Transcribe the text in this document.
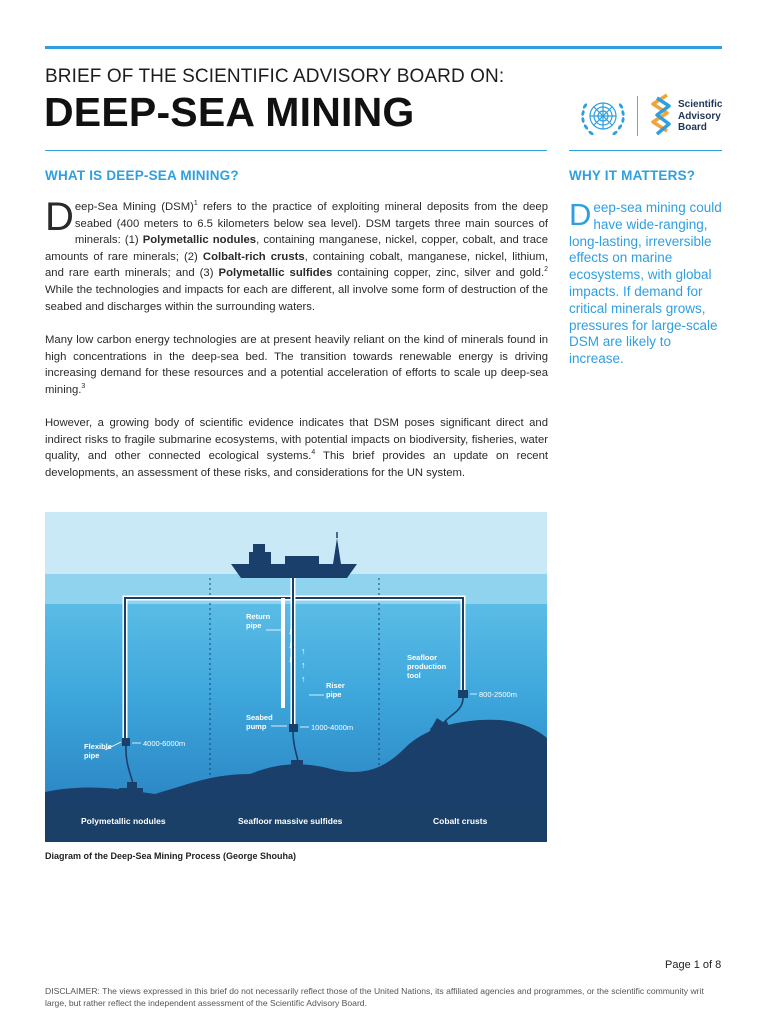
BRIEF OF THE SCIENTIFIC ADVISORY BOARD ON:
DEEP-SEA MINING	Scientific
Advisory
Board
WHAT IS DEEP-SEA MINING?	WHY IT MATTERS?
Deep-Sea Mining (DSM)$^1$ refers to the practice of exploiting mineral deposits from the deep seabed (400 meters to 6.5 kilometers below sea level). DSM targets three main sources of minerals: (1) Polymetallic nodules, containing manganese, nickel, copper, cobalt, and trace amounts of rare minerals; (2) Colbalt-rich crusts, containing cobalt, manganese, nickel, lithium, and rare earth minerals; and (3) Polymetallic sulfides containing copper, zinc, silver and gold.$^2$ While the technologies and impacts for each are different, all involve some form of destruction of the seabed and discharges within the surrounding waters.
Many low carbon energy technologies are at present heavily reliant on the kind of minerals found in high concentrations in the deep-sea bed. The transition towards renewable energy is driving increasing demand for these resources and a potential acceleration of efforts to scale up deep-sea mining.$^3$
However, a growing body of scientific evidence indicates that DSM poses significant direct and indirect risks to fragile submarine ecosystems, with potential impacts on biodiversity, fisheries, water quality, and other connected ecological systems.$^4$ This brief provides an update on recent developments, an assessment of these risks, and considerations for the UN system.
Deep-sea mining could have wide-ranging, long-lasting, irreversible effects on marine ecosystems, with global impacts. If demand for critical minerals grows, pressures for large-scale DSM are likely to increase.
↓
↓
↓
↑
↑
↑
Return pipe
Riser pipe
Seabed pump
Flexible pipe
Seafloor production tool
4000-6000m
1000-4000m
800-2500m
Polymetallic nodules	Seafloor massive sulfides	Cobalt crusts
Diagram of the Deep-Sea Mining Process (George Shouha)
Page 1 of 8
DISCLAIMER: The views expressed in this brief do not necessarily reflect those of the United Nations, its affiliated agencies and programmes, or the scientific community writ large, but rather reflect the independent assessment of the Scientific Advisory Board.
